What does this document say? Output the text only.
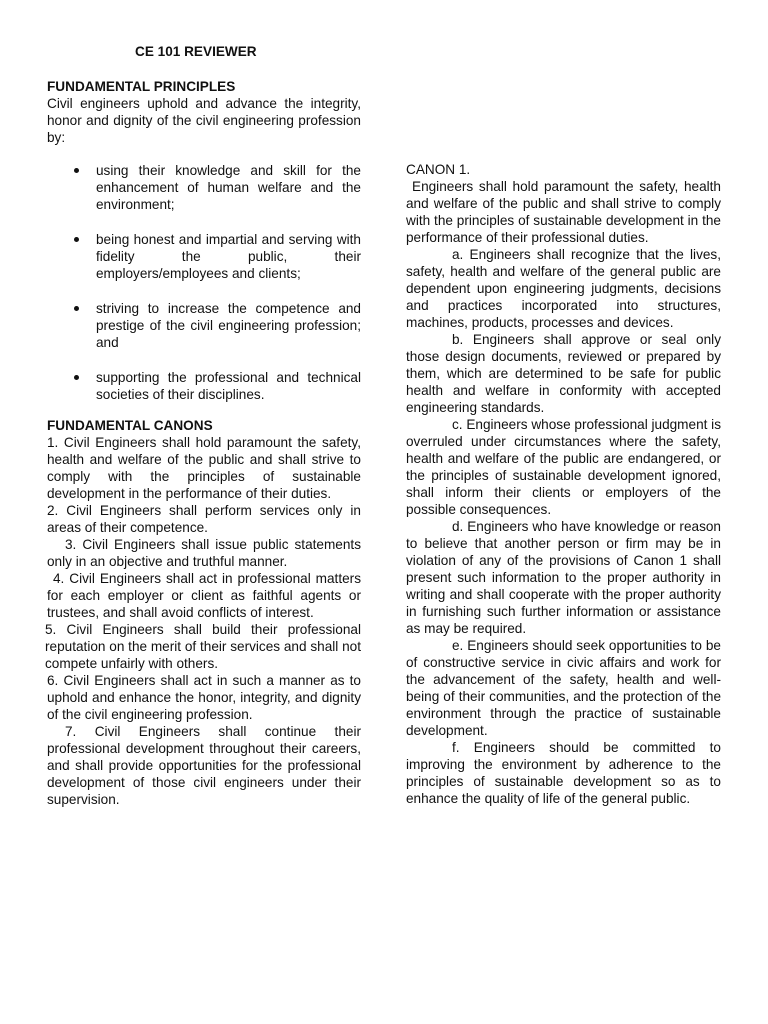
CE 101 REVIEWER
FUNDAMENTAL PRINCIPLES

Civil engineers uphold and advance the integrity, honor and dignity of the civil engineering profession by:

using their knowledge and skill for the enhancement of human welfare and the environment;
being honest and impartial and serving with fidelity the public, their employers/employees and clients;
striving to increase the competence and prestige of the civil engineering profession; and
supporting the professional and technical societies of their disciplines.
FUNDAMENTAL CANONS

1. Civil Engineers shall hold paramount the safety, health and welfare of the public and shall strive to comply with the principles of sustainable development in the performance of their duties.

2. Civil Engineers shall perform services only in areas of their competence.

3. Civil Engineers shall issue public statements only in an objective and truthful manner.

4. Civil Engineers shall act in professional matters for each employer or client as faithful agents or trustees, and shall avoid conflicts of interest.

5. Civil Engineers shall build their professional reputation on the merit of their services and shall not compete unfairly with others.

6. Civil Engineers shall act in such a manner as to uphold and enhance the honor, integrity, and dignity of the civil engineering profession.

7. Civil Engineers shall continue their professional development throughout their careers, and shall provide opportunities for the professional development of those civil engineers under their supervision.

CANON 1.

Engineers shall hold paramount the safety, health and welfare of the public and shall strive to comply with the principles of sustainable development in the performance of their professional duties.

a. Engineers shall recognize that the lives, safety, health and welfare of the general public are dependent upon engineering judgments, decisions and practices incorporated into structures, machines, products, processes and devices.

b. Engineers shall approve or seal only those design documents, reviewed or prepared by them, which are determined to be safe for public health and welfare in conformity with accepted engineering standards.

c. Engineers whose professional judgment is overruled under circumstances where the safety, health and welfare of the public are endangered, or the principles of sustainable development ignored, shall inform their clients or employers of the possible consequences.

d. Engineers who have knowledge or reason to believe that another person or firm may be in violation of any of the provisions of Canon 1 shall present such information to the proper authority in writing and shall cooperate with the proper authority in furnishing such further information or assistance as may be required.

e. Engineers should seek opportunities to be of constructive service in civic affairs and work for the advancement of the safety, health and well-being of their communities, and the protection of the environment through the practice of sustainable development.

f. Engineers should be committed to improving the environment by adherence to the principles of sustainable development so as to enhance the quality of life of the general public.
